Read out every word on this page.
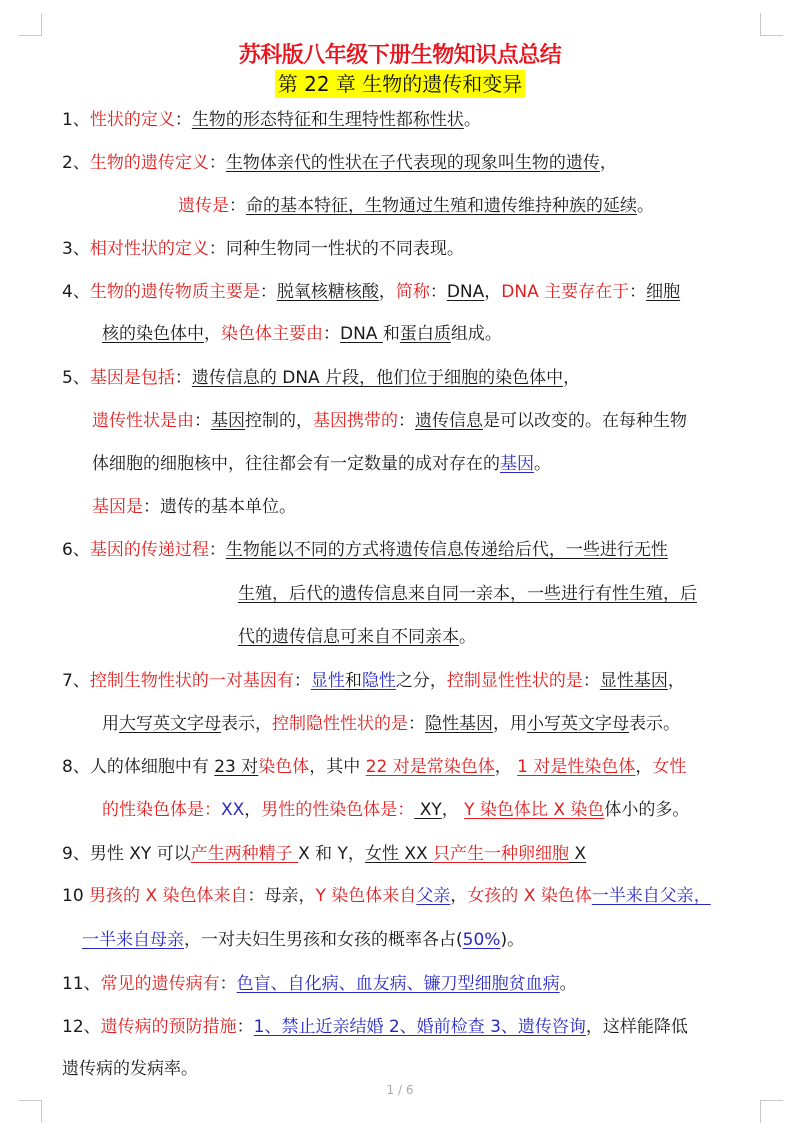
苏科版八年级下册生物知识点总结
第 22 章 生物的遗传和变异
1、性状的定义：生物的形态特征和生理特性都称性状。
2、生物的遗传定义：生物体亲代的性状在子代表现的现象叫生物的遗传，
遗传是：命的基本特征，生物通过生殖和遗传维持种族的延续。
3、相对性状的定义：同种生物同一性状的不同表现。
4、生物的遗传物质主要是：脱氧核糖核酸，简称：DNA，DNA 主要存在于：细胞
核的染色体中，染色体主要由：DNA 和蛋白质组成。
5、基因是包括：遗传信息的 DNA 片段，他们位于细胞的染色体中，
遗传性状是由：基因控制的，基因携带的：遗传信息是可以改变的。在每种生物
体细胞的细胞核中，往往都会有一定数量的成对存在的基因。
基因是：遗传的基本单位。
6、基因的传递过程：生物能以不同的方式将遗传信息传递给后代，一些进行无性
生殖，后代的遗传信息来自同一亲本，一些进行有性生殖，后
代的遗传信息可来自不同亲本。
7、控制生物性状的一对基因有：显性和隐性之分，控制显性性状的是：显性基因，
用大写英文字母表示，控制隐性性状的是：隐性基因，用小写英文字母表示。
8、人的体细胞中有 23 对染色体，其中 22 对是常染色体， 1 对是性染色体，女性
的性染色体是：XX，男性的性染色体是： XY， Y 染色体比 X 染色体小的多。
9、男性 XY 可以产生两种精子 X 和 Y，女性 XX 只产生一种卵细胞 X
10 男孩的 X 染色体来自：母亲，Y 染色体来自父亲，女孩的 X 染色体一半来自父亲，
一半来自母亲，一对夫妇生男孩和女孩的概率各占(50%)。
11、常见的遗传病有：色盲、自化病、血友病、镰刀型细胞贫血病。
12、遗传病的预防措施：1、禁止近亲结婚 2、婚前检查 3、遗传咨询，这样能降低
遗传病的发病率。
1 / 6
